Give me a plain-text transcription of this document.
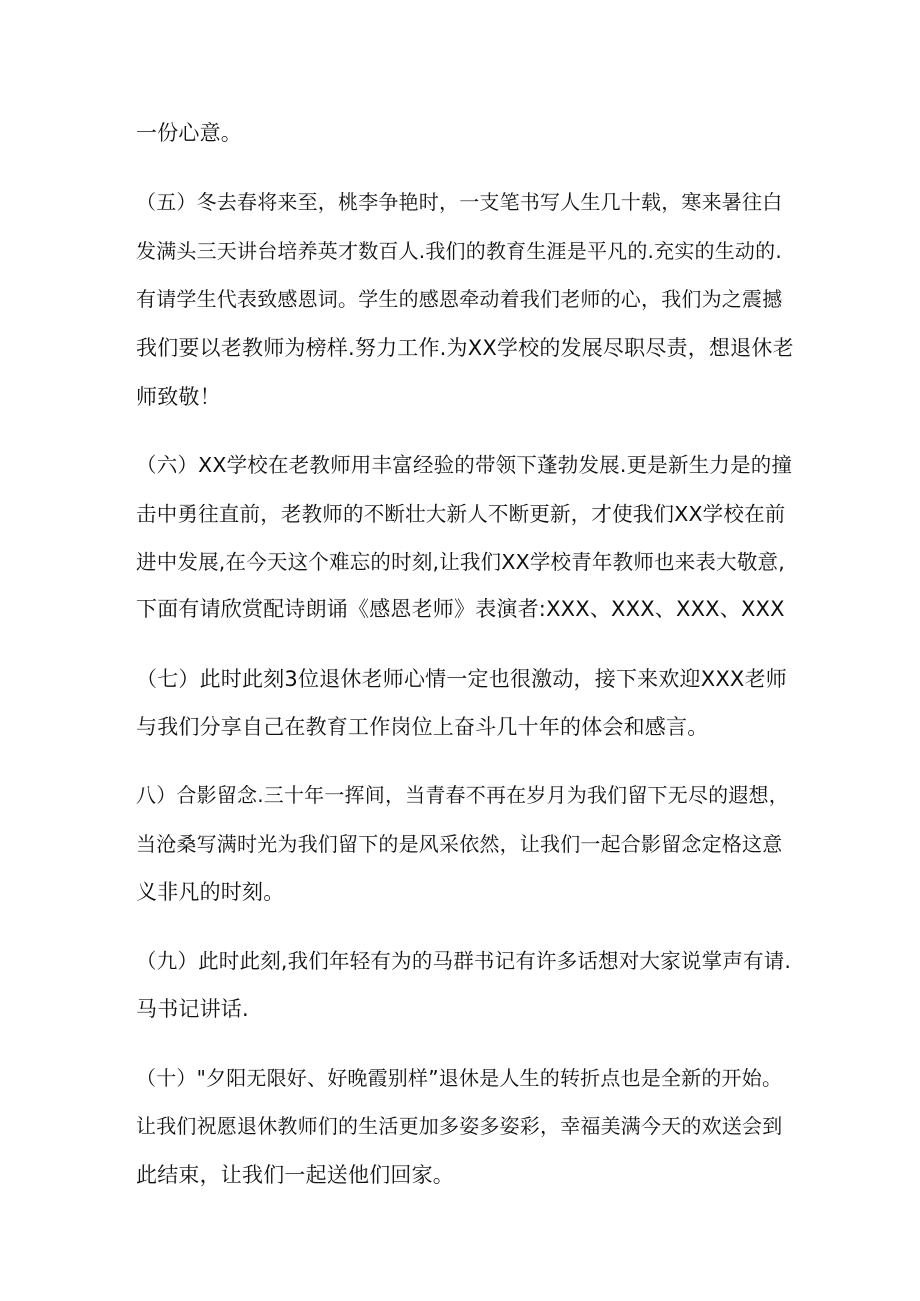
一份心意。
（五）冬去春将来至，桃李争艳时，一支笔书写人生几十载，寒来暑往白
发满头三天讲台培养英才数百人.我们的教育生涯是平凡的.充实的生动的.
有请学生代表致感恩词。学生的感恩牵动着我们老师的心，我们为之震撼
我们要以老教师为榜样.努力工作.为XX学校的发展尽职尽责，想退休老
师致敬！
（六）XX学校在老教师用丰富经验的带领下蓬勃发展.更是新生力是的撞
击中勇往直前，老教师的不断壮大新人不断更新，才使我们XX学校在前
进中发展,在今天这个难忘的时刻,让我们XX学校青年教师也来表大敬意,
下面有请欣赏配诗朗诵《感恩老师》表演者:XXX、XXX、XXX、XXX
（七）此时此刻3位退休老师心情一定也很激动，接下来欢迎XXX老师
与我们分享自己在教育工作岗位上奋斗几十年的体会和感言。
八）合影留念.三十年一挥间，当青春不再在岁月为我们留下无尽的遐想，
当沧桑写满时光为我们留下的是风采依然，让我们一起合影留念定格这意
义非凡的时刻。
（九）此时此刻,我们年轻有为的马群书记有许多话想对大家说掌声有请.
马书记讲话.
（十）"夕阳无限好、好晚霞别样”退休是人生的转折点也是全新的开始。
让我们祝愿退休教师们的生活更加多姿多姿彩，幸福美满今天的欢送会到
此结束，让我们一起送他们回家。
